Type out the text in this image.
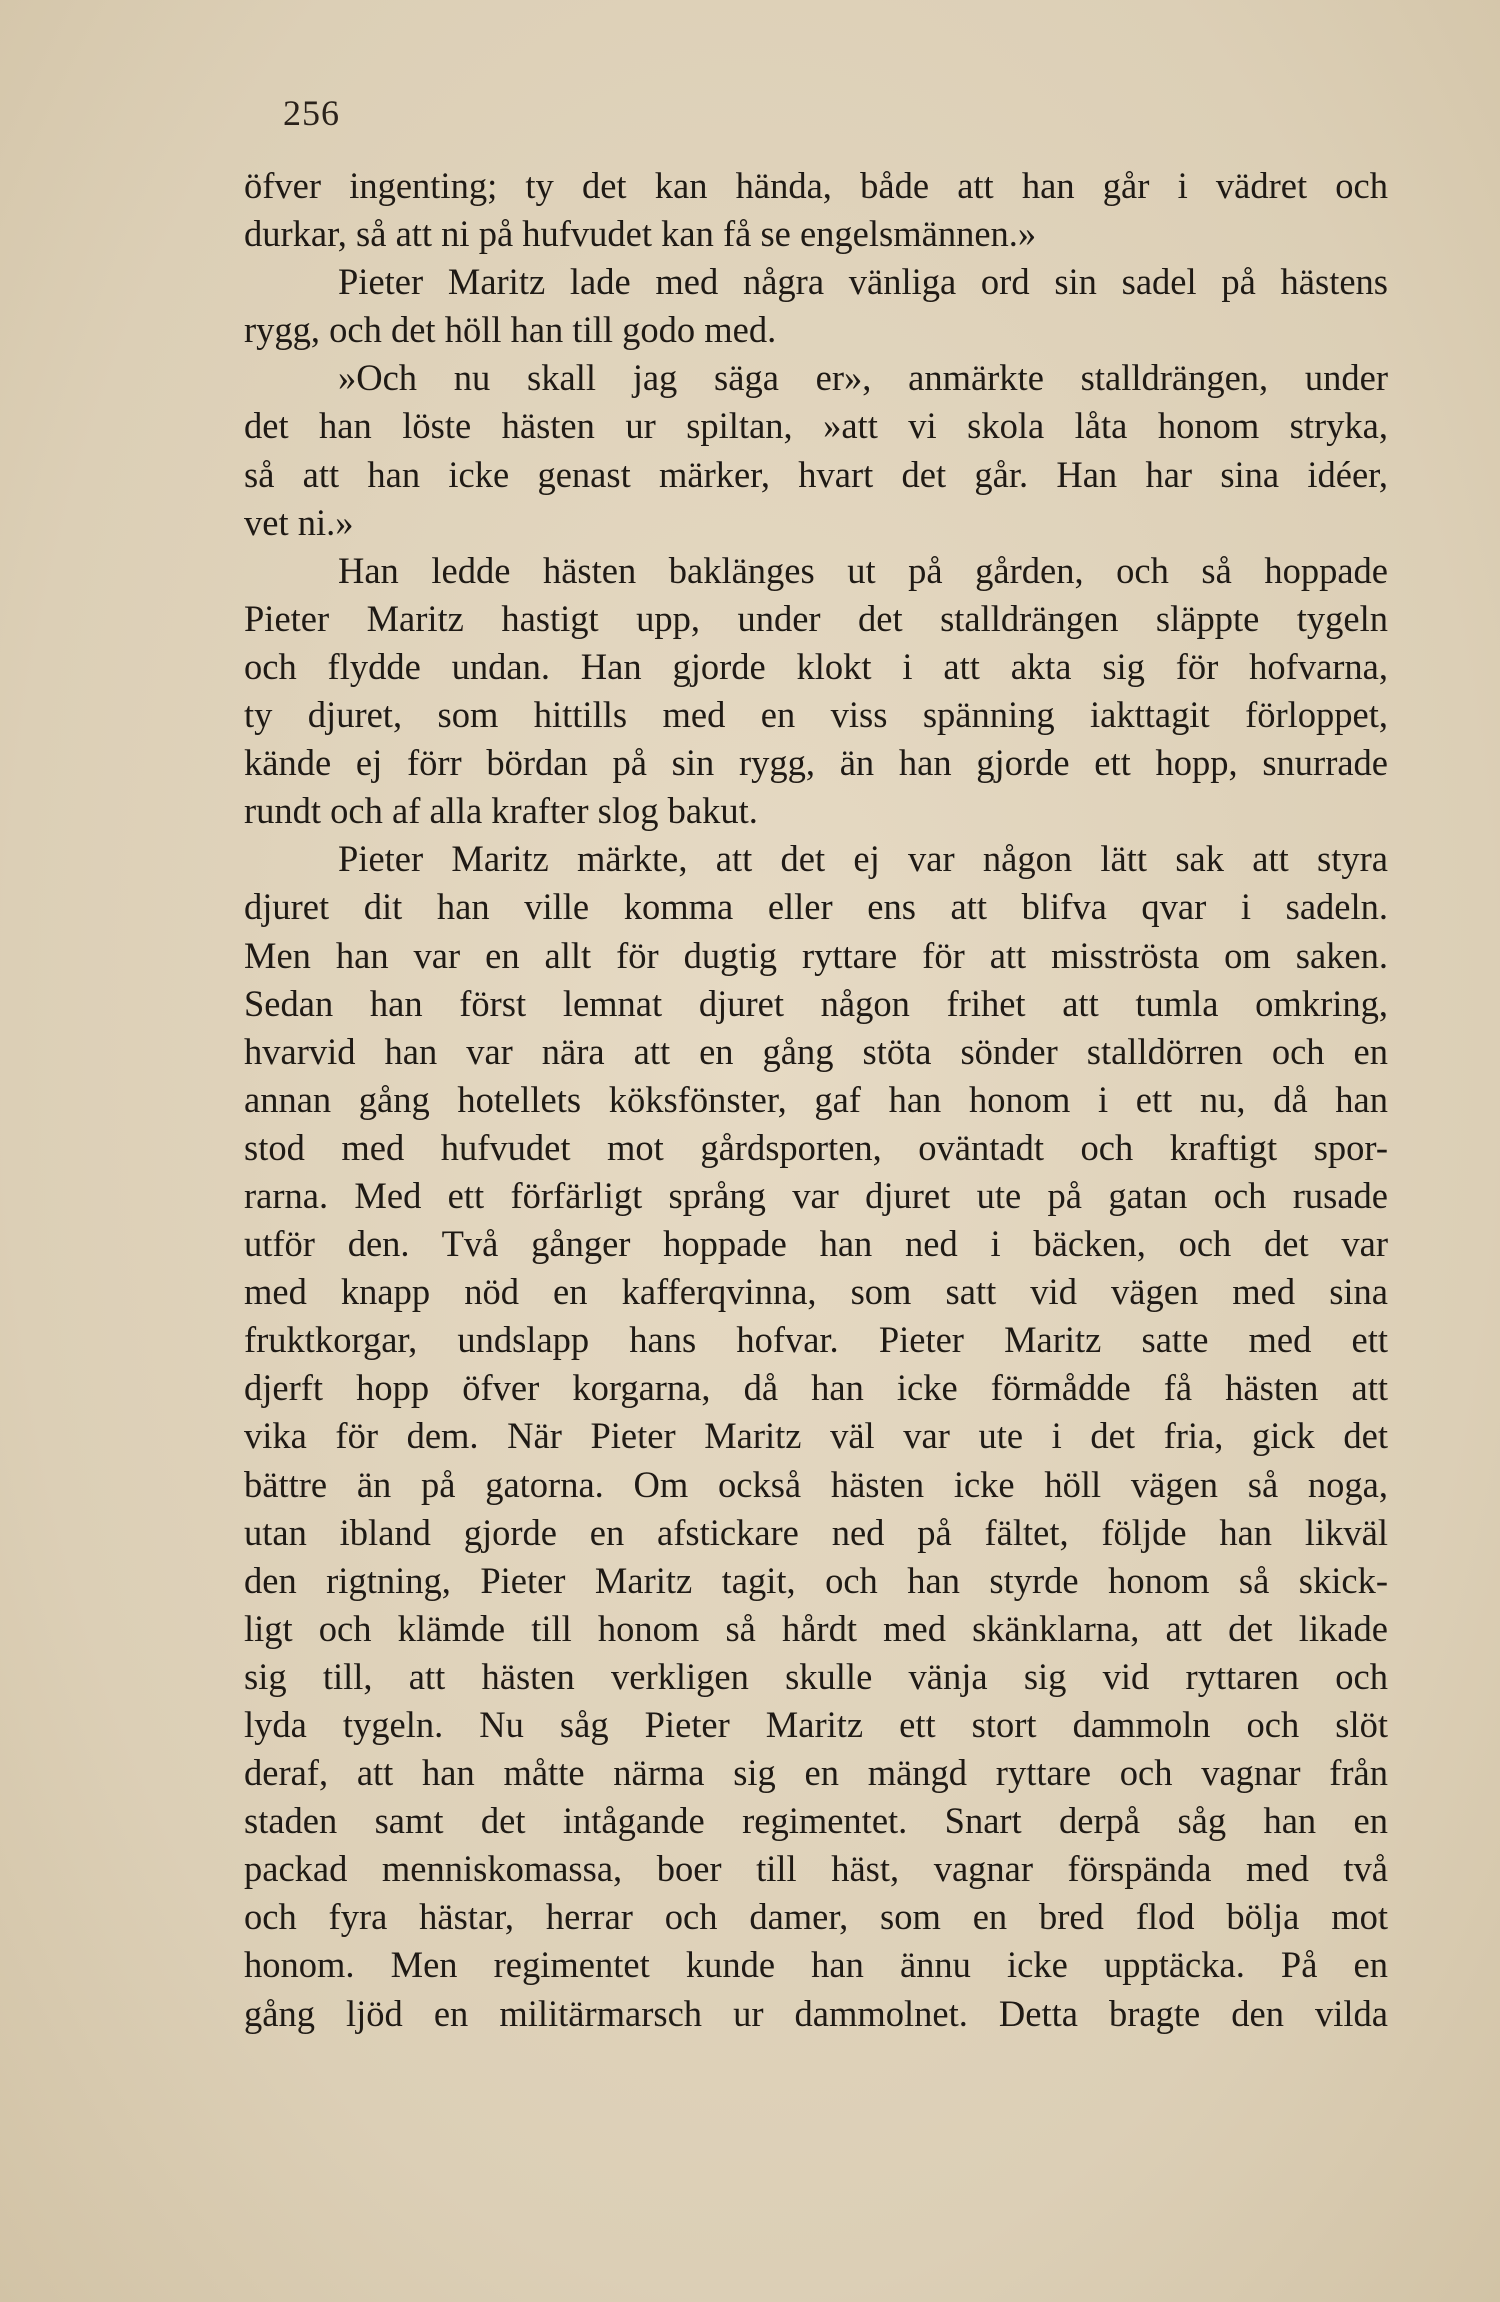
256
öfver ingenting; ty det kan hända, både att han går i vädret och
durkar, så att ni på hufvudet kan få se engelsmännen.»
Pieter Maritz lade med några vänliga ord sin sadel på hästens
rygg, och det höll han till godo med.
»Och nu skall jag säga er», anmärkte stalldrängen, under
det han löste hästen ur spiltan, »att vi skola låta honom stryka,
så att han icke genast märker, hvart det går. Han har sina idéer,
vet ni.»
Han ledde hästen baklänges ut på gården, och så hoppade
Pieter Maritz hastigt upp, under det stalldrängen släppte tygeln
och flydde undan. Han gjorde klokt i att akta sig för hofvarna,
ty djuret, som hittills med en viss spänning iakttagit förloppet,
kände ej förr bördan på sin rygg, än han gjorde ett hopp, snurrade
rundt och af alla krafter slog bakut.
Pieter Maritz märkte, att det ej var någon lätt sak att styra
djuret dit han ville komma eller ens att blifva qvar i sadeln.
Men han var en allt för dugtig ryttare för att misströsta om saken.
Sedan han först lemnat djuret någon frihet att tumla omkring,
hvarvid han var nära att en gång stöta sönder stalldörren och en
annan gång hotellets köksfönster, gaf han honom i ett nu, då han
stod med hufvudet mot gårdsporten, oväntadt och kraftigt spor-
rarna. Med ett förfärligt språng var djuret ute på gatan och rusade
utför den. Två gånger hoppade han ned i bäcken, och det var
med knapp nöd en kafferqvinna, som satt vid vägen med sina
fruktkorgar, undslapp hans hofvar. Pieter Maritz satte med ett
djerft hopp öfver korgarna, då han icke förmådde få hästen att
vika för dem. När Pieter Maritz väl var ute i det fria, gick det
bättre än på gatorna. Om också hästen icke höll vägen så noga,
utan ibland gjorde en afstickare ned på fältet, följde han likväl
den rigtning, Pieter Maritz tagit, och han styrde honom så skick-
ligt och klämde till honom så hårdt med skänklarna, att det likade
sig till, att hästen verkligen skulle vänja sig vid ryttaren och
lyda tygeln. Nu såg Pieter Maritz ett stort dammoln och slöt
deraf, att han måtte närma sig en mängd ryttare och vagnar från
staden samt det intågande regimentet. Snart derpå såg han en
packad menniskomassa, boer till häst, vagnar förspända med två
och fyra hästar, herrar och damer, som en bred flod bölja mot
honom. Men regimentet kunde han ännu icke upptäcka. På en
gång ljöd en militärmarsch ur dammolnet. Detta bragte den vilda
